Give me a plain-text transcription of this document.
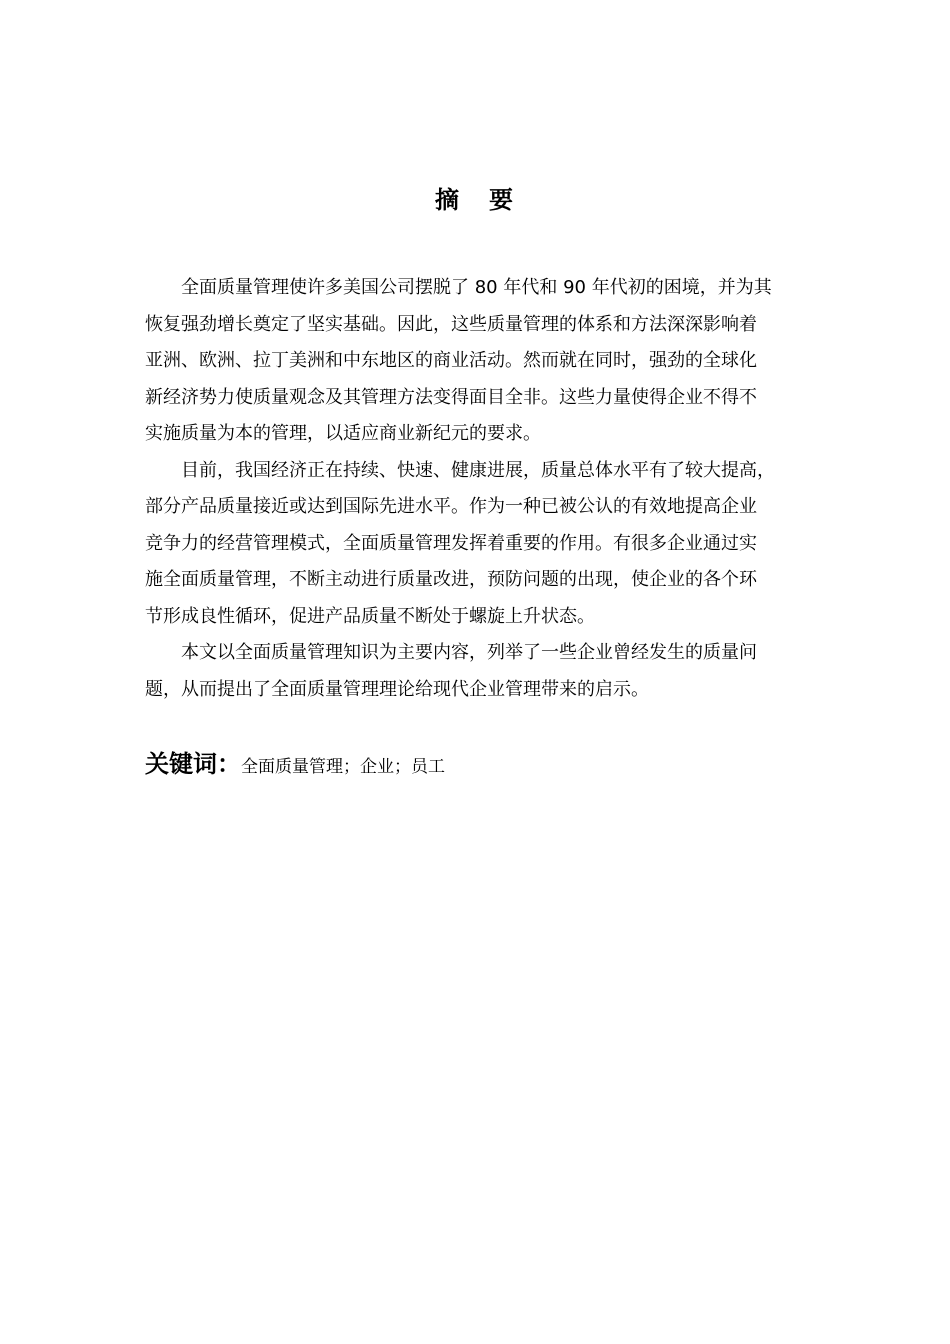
摘 要
全面质量管理使许多美国公司摆脱了 80 年代和 90 年代初的困境，并为其
恢复强劲增长奠定了坚实基础。因此，这些质量管理的体系和方法深深影响着
亚洲、欧洲、拉丁美洲和中东地区的商业活动。然而就在同时，强劲的全球化
新经济势力使质量观念及其管理方法变得面目全非。这些力量使得企业不得不
实施质量为本的管理，以适应商业新纪元的要求。
目前，我国经济正在持续、快速、健康进展，质量总体水平有了较大提高，
部分产品质量接近或达到国际先进水平。作为一种已被公认的有效地提高企业
竞争力的经营管理模式，全面质量管理发挥着重要的作用。有很多企业通过实
施全面质量管理，不断主动进行质量改进，预防问题的出现，使企业的各个环
节形成良性循环，促进产品质量不断处于螺旋上升状态。
本文以全面质量管理知识为主要内容，列举了一些企业曾经发生的质量问
题，从而提出了全面质量管理理论给现代企业管理带来的启示。
关键词：全面质量管理；企业；员工
